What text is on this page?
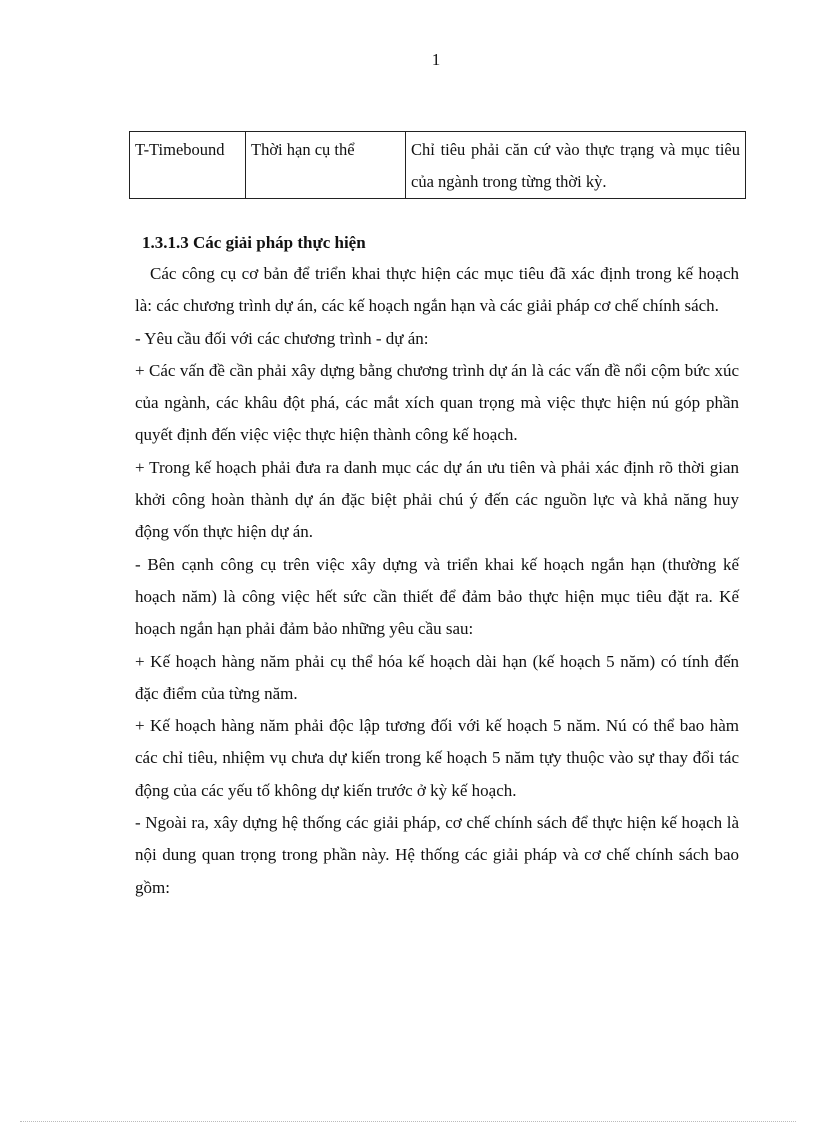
1
T-Timebound	Thời hạn cụ thể	Chỉ tiêu phải căn cứ vào thực trạng và mục tiêu của ngành trong từng thời kỳ.

1.3.1.3 Các giải pháp thực hiện

Các công cụ cơ bản để triển khai thực hiện các mục tiêu đã xác định trong kế hoạch là: các chương trình dự án, các kế hoạch ngắn hạn và các giải pháp cơ chế chính sách.

- Yêu cầu đối với các chương trình - dự án:

+ Các vấn đề cần phải xây dựng bằng chương trình dự án là các vấn đề nổi cộm bức xúc của ngành, các khâu đột phá, các mắt xích quan trọng mà việc thực hiện nú góp phần quyết định đến việc việc thực hiện thành công kế hoạch.

+ Trong kế hoạch phải đưa ra danh mục các dự án ưu tiên và phải xác định rõ thời gian khởi công hoàn thành dự án đặc biệt phải chú ý đến các nguồn lực và khả năng huy động vốn thực hiện dự án.

- Bên cạnh công cụ trên việc xây dựng và triển khai kế hoạch ngắn hạn (thường kế hoạch năm) là công việc hết sức cần thiết để đảm bảo thực hiện mục tiêu đặt ra. Kế hoạch ngắn hạn phải đảm bảo những yêu cầu sau:

+ Kế hoạch hàng năm phải cụ thể hóa kế hoạch dài hạn (kế hoạch 5 năm) có tính đến đặc điểm của từng năm.

+ Kế hoạch hàng năm phải độc lập tương đối với kế hoạch 5 năm. Nú có thể bao hàm các chỉ tiêu, nhiệm vụ chưa dự kiến trong kế hoạch 5 năm tựy thuộc vào sự thay đổi tác động của các yếu tố không dự kiến trước ở kỳ kế hoạch.

- Ngoài ra, xây dựng hệ thống các giải pháp, cơ chế chính sách để thực hiện kế hoạch là nội dung quan trọng trong phần này. Hệ thống các giải pháp và cơ chế chính sách bao gồm:
